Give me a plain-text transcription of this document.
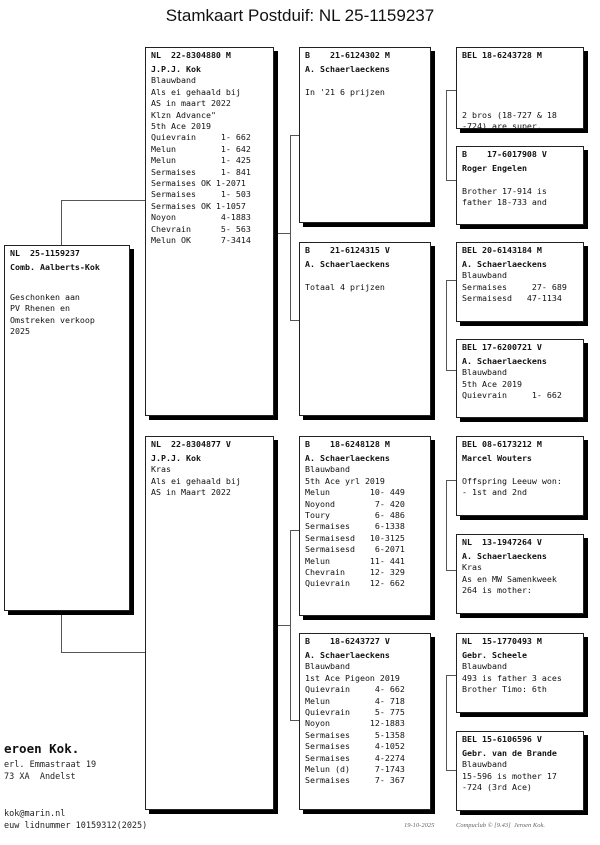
Stamkaart Postduif: NL 25-1159237
NL  25-1159237
Comb. Aalberts-Kok
Geschonken aan
PV Rhenen en
Omstreken verkoop
2025
NL  22-8304880 M
J.P.J. Kok
Blauwband
Als ei gehaald bij
AS in maart 2022
Klzn Advance"
5th Ace 2019
Quievrain     1- 662
Melun         1- 642
Melun         1- 425
Sermaises     1- 841
Sermaises OK 1-2071
Sermaises     1- 503
Sermaises OK 1-1057
Noyon         4-1883
Chevrain      5- 563
Melun OK      7-3414
NL  22-8304877 V
J.P.J. Kok
Kras
Als ei gehaald bij
AS in Maart 2022
B    21-6124302 M
A. Schaerlaeckens
In '21 6 prijzen
B    21-6124315 V
A. Schaerlaeckens
Totaal 4 prijzen
B    18-6248128 M
A. Schaerlaeckens
Blauwband
5th Ace yrl 2019
Melun        10- 449
Noyond        7- 420
Toury         6- 486
Sermaises     6-1338
Sermaisesd   10-3125
Sermaisesd    6-2071
Melun        11- 441
Chevrain     12- 329
Quievrain    12- 662
B    18-6243727 V
A. Schaerlaeckens
Blauwband
1st Ace Pigeon 2019
Quievrain     4- 662
Melun         4- 718
Quievrain     5- 775
Noyon        12-1883
Sermaises     5-1358
Sermaises     4-1052
Sermaises     4-2274
Melun (d)     7-1743
Sermaises     7- 367
BEL 18-6243728 M
2 bros (18-727 & 18
-724) are super.
B    17-6017908 V
Roger Engelen
Brother 17-914 is
father 18-733 and
BEL 20-6143184 M
A. Schaerlaeckens
Blauwband
Sermaises     27- 689
Sermaisesd   47-1134
BEL 17-6200721 V
A. Schaerlaeckens
Blauwband
5th Ace 2019
Quievrain     1- 662
BEL 08-6173212 M
Marcel Wouters
Offspring Leeuw won:
- 1st and 2nd
NL  13-1947264 V
A. Schaerlaeckens
Kras
As en MW Samenkweek
264 is mother:
NL  15-1770493 M
Gebr. Scheele
Blauwband
493 is father 3 aces
Brother Timo: 6th
BEL 15-6106596 V
Gebr. van de Brande
Blauwband
15-596 is mother 17
-724 (3rd Ace)
eroen Kok.
erl. Emmastraat 19
73 XA  Andelst
kok@marin.nl
euw lidnummer 10159312(2025)	19-10-2025	Compuclub © [9.43]  Jeroen Kok.
